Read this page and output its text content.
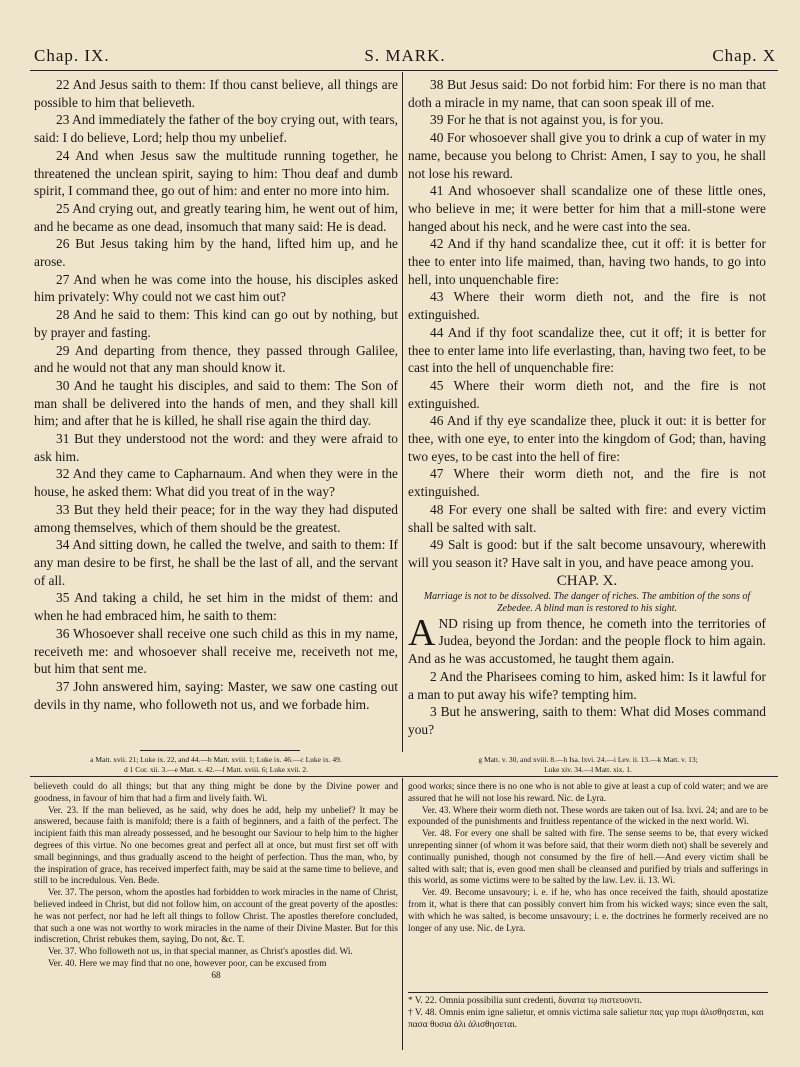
Chap. IX.	S. MARK.	Chap. X

22 And Jesus saith to them: If thou canst believe, all things are possible to him that believeth.

23 And immediately the father of the boy crying out, with tears, said: I do believe, Lord; help thou my unbelief.

24 And when Jesus saw the multitude running together, he threatened the unclean spirit, saying to him: Thou deaf and dumb spirit, I command thee, go out of him: and enter no more into him.

25 And crying out, and greatly tearing him, he went out of him, and he became as one dead, insomuch that many said: He is dead.

26 But Jesus taking him by the hand, lifted him up, and he arose.

27 And when he was come into the house, his disciples asked him privately: Why could not we cast him out?

28 And he said to them: This kind can go out by nothing, but by prayer and fasting.

29 And departing from thence, they passed through Galilee, and he would not that any man should know it.

30 And he taught his disciples, and said to them: The Son of man shall be delivered into the hands of men, and they shall kill him; and after that he is killed, he shall rise again the third day.

31 But they understood not the word: and they were afraid to ask him.

32 And they came to Capharnaum. And when they were in the house, he asked them: What did you treat of in the way?

33 But they held their peace; for in the way they had disputed among themselves, which of them should be the greatest.

34 And sitting down, he called the twelve, and saith to them: If any man desire to be first, he shall be the last of all, and the servant of all.

35 And taking a child, he set him in the midst of them: and when he had embraced him, he saith to them:

36 Whosoever shall receive one such child as this in my name, receiveth me: and whosoever shall receive me, receiveth not me, but him that sent me.

37 John answered him, saying: Master, we saw one casting out devils in thy name, who followeth not us, and we forbade him.

38 But Jesus said: Do not forbid him: For there is no man that doth a miracle in my name, that can soon speak ill of me.

39 For he that is not against you, is for you.

40 For whosoever shall give you to drink a cup of water in my name, because you belong to Christ: Amen, I say to you, he shall not lose his reward.

41 And whosoever shall scandalize one of these little ones, who believe in me; it were better for him that a mill-stone were hanged about his neck, and he were cast into the sea.

42 And if thy hand scandalize thee, cut it off: it is better for thee to enter into life maimed, than, having two hands, to go into hell, into unquenchable fire:

43 Where their worm dieth not, and the fire is not extinguished.

44 And if thy foot scandalize thee, cut it off; it is better for thee to enter lame into life everlasting, than, having two feet, to be cast into the hell of unquenchable fire:

45 Where their worm dieth not, and the fire is not extinguished.

46 And if thy eye scandalize thee, pluck it out: it is better for thee, with one eye, to enter into the kingdom of God; than, having two eyes, to be cast into the hell of fire:

47 Where their worm dieth not, and the fire is not extinguished.

48 For every one shall be salted with fire: and every victim shall be salted with salt.

49 Salt is good: but if the salt become unsavoury, wherewith will you season it? Have salt in you, and have peace among you.

CHAP. X.

Marriage is not to be dissolved. The danger of riches. The ambition of the sons of Zebedee. A blind man is restored to his sight.

AND rising up from thence, he cometh into the territories of Judea, beyond the Jordan: and the people flock to him again. And as he was accustomed, he taught them again.

2 And the Pharisees coming to him, asked him: Is it lawful for a man to put away his wife? tempting him.

3 But he answering, saith to them: What did Moses command you?

a Matt. xvii. 21; Luke ix. 22, and 44.—b Matt. xviii. 1; Luke ix. 46.—c Luke ix. 49.
d 1 Cor. xii. 3.—e Matt. x. 42.—f Matt. xviii. 6; Luke xvii. 2.
g Matt. v. 30, and xviii. 8.—h Isa. lxvi. 24.—i Lev. ii. 13.—k Matt. v. 13;
Luke xiv. 34.—l Matt. xix. 1.

believeth could do all things; but that any thing might be done by the Divine power and goodness, in favour of him that had a firm and lively faith. Wi.

Ver. 23. If the man believed, as he said, why does he add, help my unbelief? It may be answered, because faith is manifold; there is a faith of beginners, and a faith of the perfect. The incipient faith this man already possessed, and he besought our Saviour to help him to the higher degrees of this virtue. No one becomes great and perfect all at once, but must first set off with small beginnings, and thus gradually ascend to the height of perfection. Thus the man, who, by the inspiration of grace, has received imperfect faith, may be said at the same time to believe, and still to be incredulous. Ven. Bede.

Ver. 37. The person, whom the apostles had forbidden to work miracles in the name of Christ, believed indeed in Christ, but did not follow him, on account of the great poverty of the apostles: he was not perfect, nor had he left all things to follow Christ. The apostles therefore concluded, that such a one was not worthy to work miracles in the name of their Divine Master. But for this indiscretion, Christ rebukes them, saying, Do not, &c. T.

Ver. 37. Who followeth not us, in that special manner, as Christ's apostles did. Wi.

Ver. 40. Here we may find that no one, however poor, can be excused from

68

good works; since there is no one who is not able to give at least a cup of cold water; and we are assured that he will not lose his reward. Nic. de Lyra.

Ver. 43. Where their worm dieth not. These words are taken out of Isa. lxvi. 24; and are to be expounded of the punishments and fruitless repentance of the wicked in the next world. Wi.

Ver. 48. For every one shall be salted with fire. The sense seems to be, that every wicked unrepenting sinner (of whom it was before said, that their worm dieth not) shall be severely and continually punished, though not consumed by the fire of hell.—And every victim shall be salted with salt; that is, even good men shall be cleansed and purified by trials and sufferings in this world, as some victims were to be salted by the law. Lev. ii. 13. Wi.

Ver. 49. Become unsavoury; i. e. if he, who has once received the faith, should apostatize from it, what is there that can possibly convert him from his wicked ways; since even the salt, with which he was salted, is become unsavoury; i. e. the doctrines he formerly received are no longer of any use. Nic. de Lyra.

* V. 22. Omnia possibilia sunt credenti, δυνατα τῳ πιστευοντι.

† V. 48. Omnis enim igne salietur, et omnis victima sale salietur πας γαρ πυρι ἁλισθησεται, και πασα θυσια ἁλι ἁλισθησεται.
